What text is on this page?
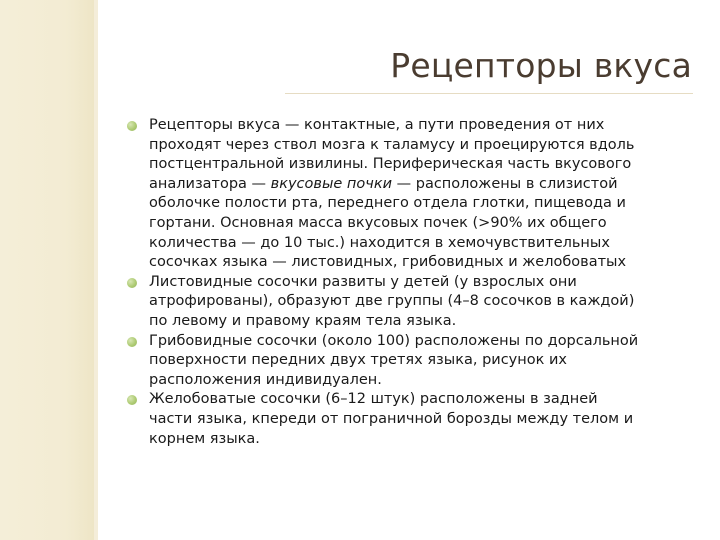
Рецепторы вкуса
Рецепторы вкуса — контактные, а пути проведения от них
проходят через ствол мозга к таламусу и проецируются вдоль
постцентральной извилины. Периферическая часть вкусового
анализатора — вкусовые почки — расположены в слизистой
оболочке полости рта, переднего отдела глотки, пищевода и
гортани. Основная масса вкусовых почек (>90% их общего
количества — до 10 тыс.) находится в хемочувствительных
сосочках языка — листовидных, грибовидных и желобоватых
Листовидные сосочки развиты у детей (у взрослых они
атрофированы), образуют две группы (4–8 сосочков в каждой)
по левому и правому краям тела языка.
Грибовидные сосочки (около 100) расположены по дорсальной
поверхности передних двух третях языка, рисунок их
расположения индивидуален.
Желобоватые сосочки (6–12 штук) расположены в задней
части языка, кпереди от пограничной борозды между телом и
корнем языка.
